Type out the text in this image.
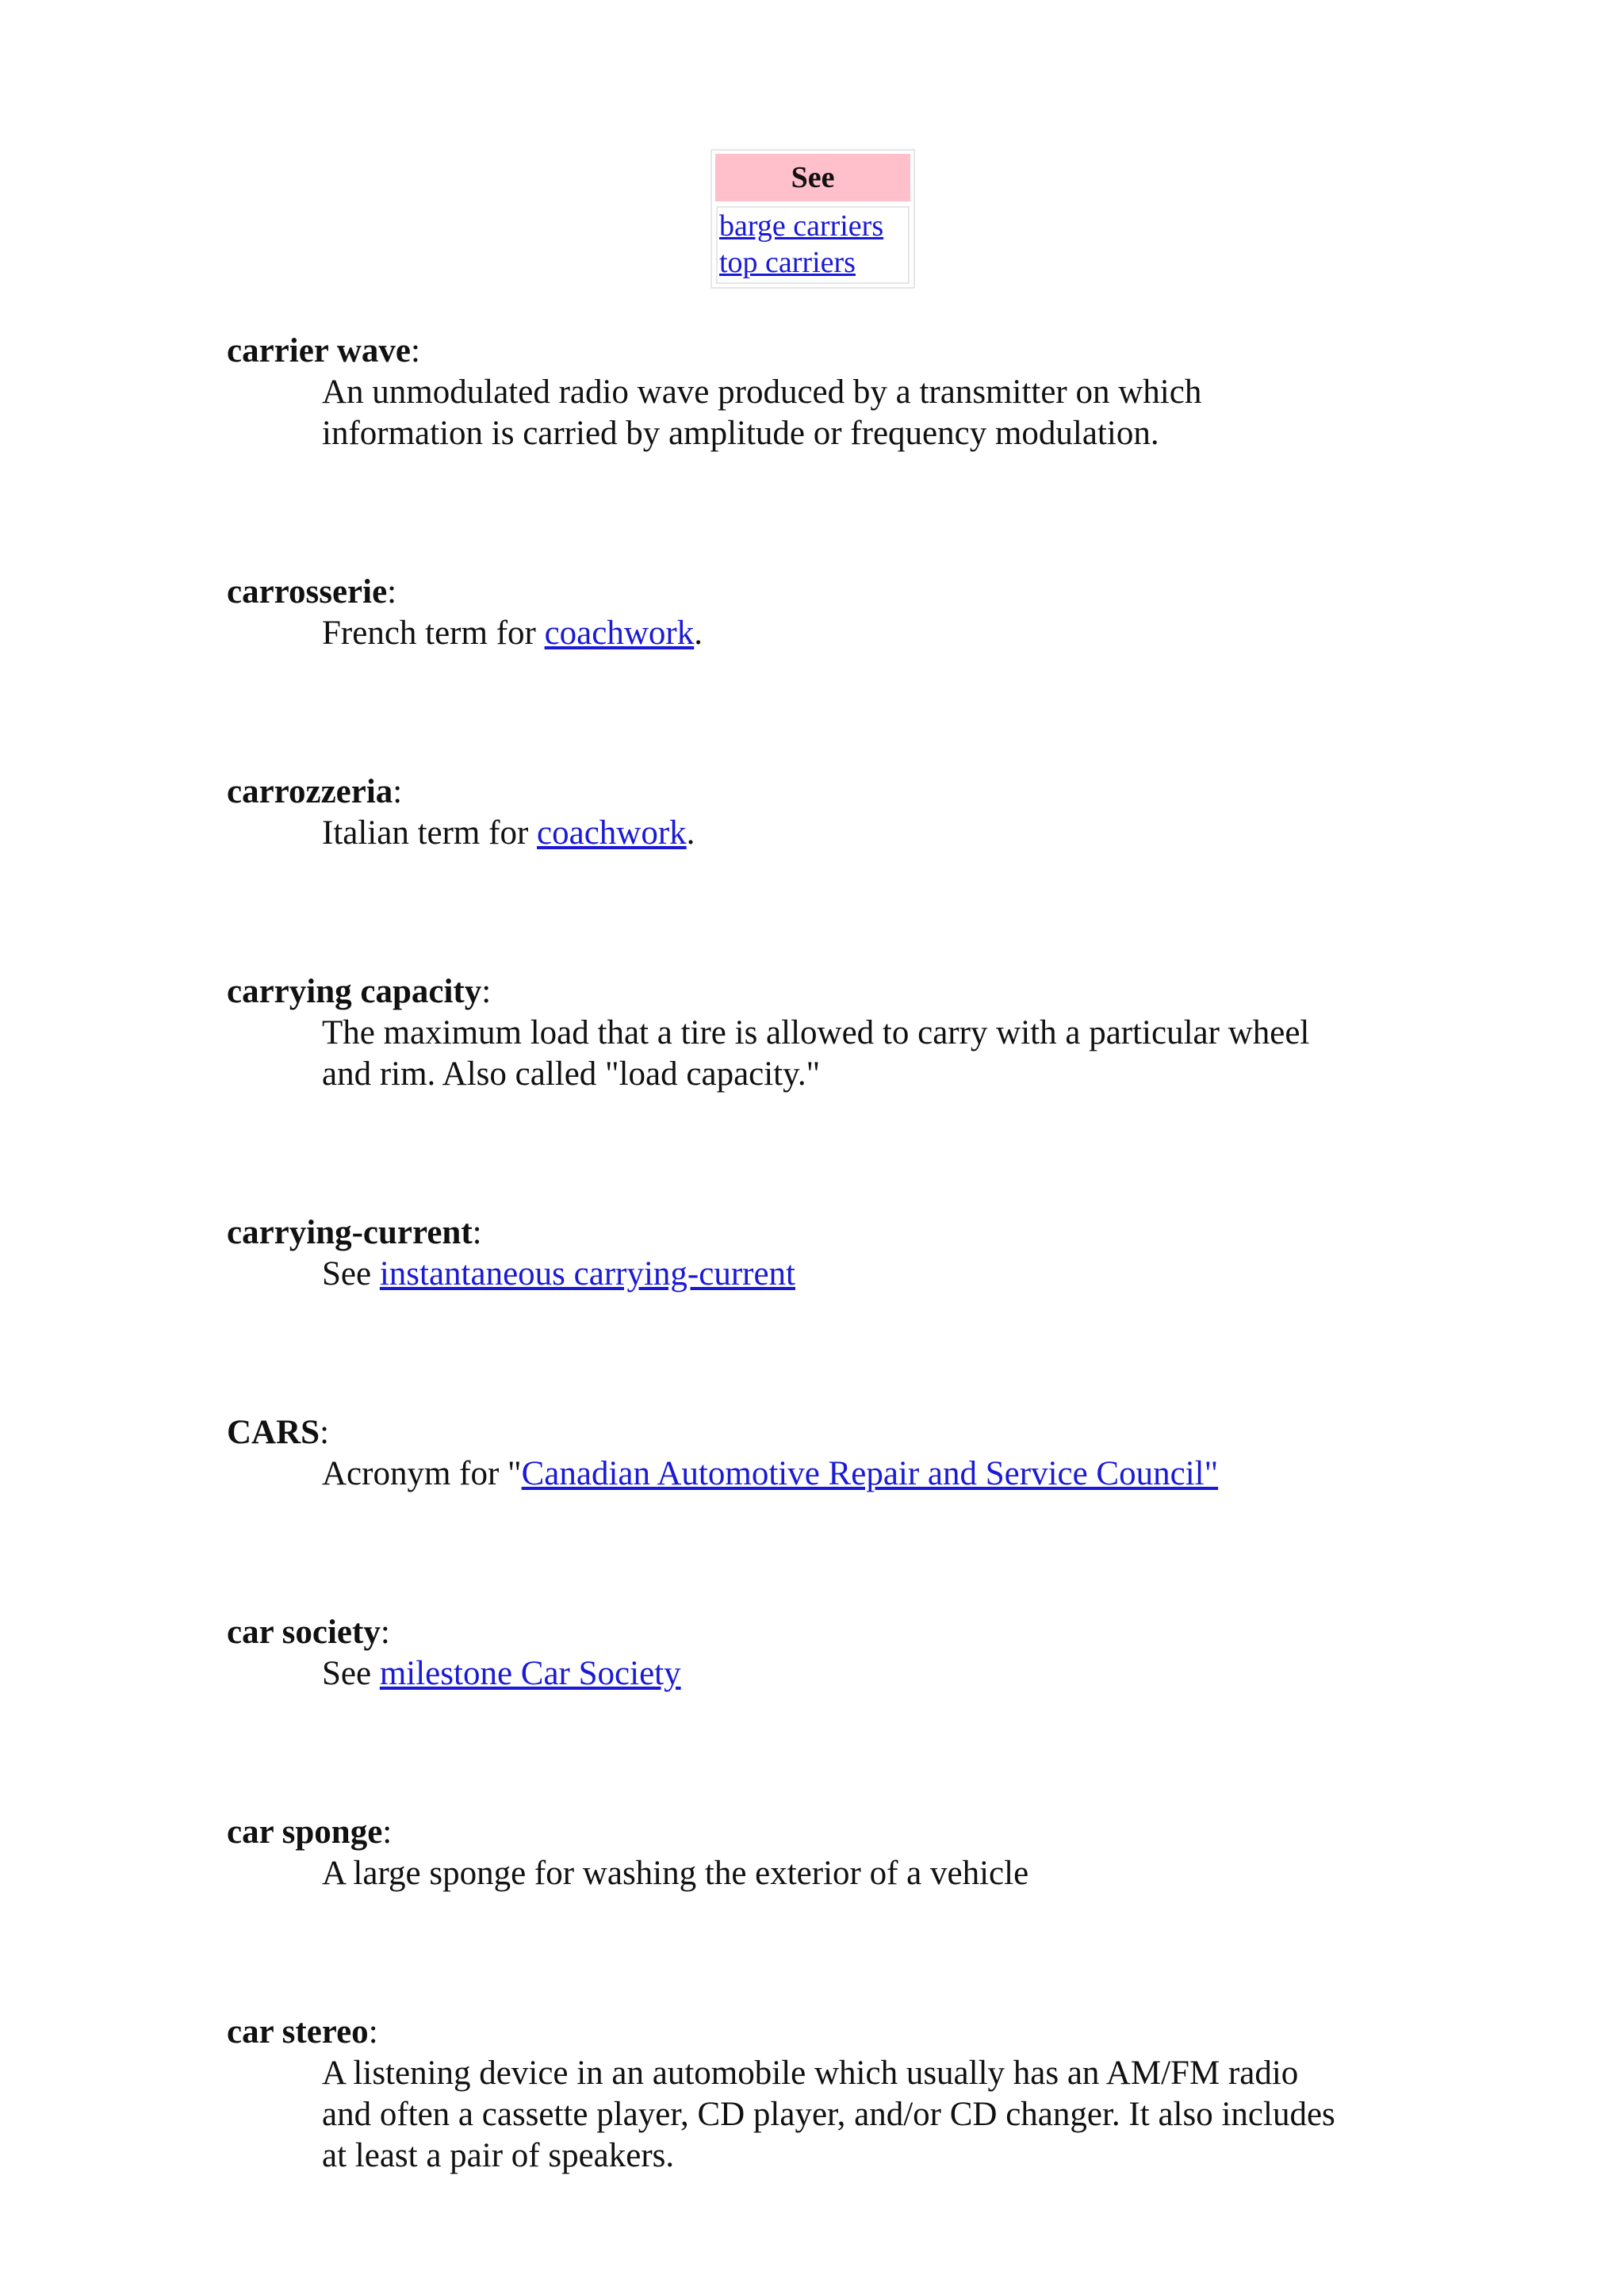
See
barge carriers
top carriers
carrier wave:
An unmodulated radio wave produced by a transmitter on which
information is carried by amplitude or frequency modulation.
carrosserie:
French term for coachwork.
carrozzeria:
Italian term for coachwork.
carrying capacity:
The maximum load that a tire is allowed to carry with a particular wheel
and rim. Also called "load capacity."
carrying-current:
See instantaneous carrying-current
CARS:
Acronym for "Canadian Automotive Repair and Service Council"
car society:
See milestone Car Society
car sponge:
A large sponge for washing the exterior of a vehicle
car stereo:
A listening device in an automobile which usually has an AM/FM radio
and often a cassette player, CD player, and/or CD changer. It also includes
at least a pair of speakers.
